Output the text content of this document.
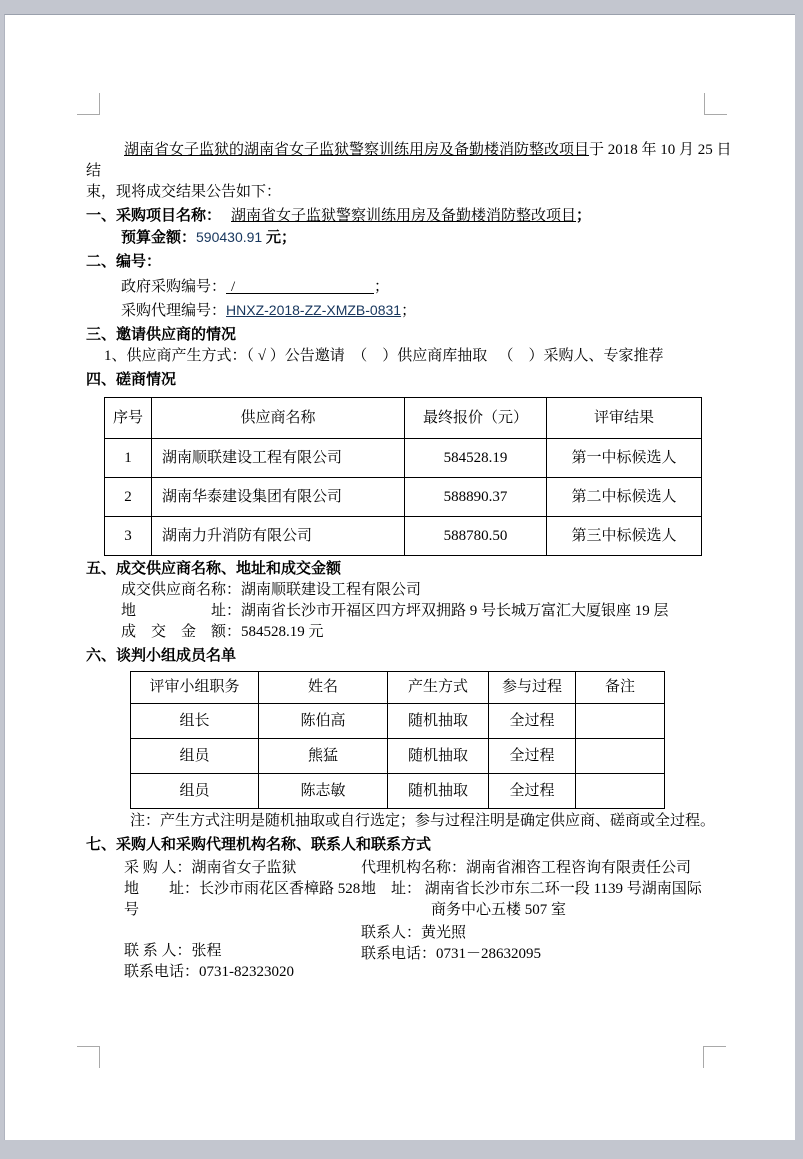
湖南省女子监狱的湖南省女子监狱警察训练用房及备勤楼消防整改项目于 2018 年 10 月 25 日结

束，现将成交结果公告如下：

一、采购项目名称： 湖南省女子监狱警察训练用房及备勤楼消防整改项目；
预算金额：590430.91 元；
二、编号：
政府采购编号： /	；
采购代理编号：HNXZ-2018-ZZ-XMZB-0831；
三、邀请供应商的情况
1、供应商产生方式：（ √ ）公告邀请　（　）供应商库抽取 　（　）采购人、专家推荐
四、磋商情况
序号	供应商名称	最终报价（元）	评审结果
1	湖南顺联建设工程有限公司	584528.19	第一中标候选人
2	湖南华泰建设集团有限公司	588890.37	第二中标候选人
3	湖南力升消防有限公司	588780.50	第三中标候选人
五、成交供应商名称、地址和成交金额
成交供应商名称：湖南顺联建设工程有限公司
地　　　　　址：湖南省长沙市开福区四方坪双拥路 9 号长城万富汇大厦银座 19 层
成　交　金　额：584528.19 元
六、谈判小组成员名单
评审小组职务	姓名	产生方式	参与过程	备注
组长	陈伯高	随机抽取	全过程	
组员	熊猛	随机抽取	全过程	
组员	陈志敏	随机抽取	全过程	
注：产生方式注明是随机抽取或自行选定；参与过程注明是确定供应商、磋商或全过程。
七、采购人和采购代理机构名称、联系人和联系方式
采 购 人：湖南省女子监狱
地　　址：长沙市雨花区香樟路 528 号
联 系 人：张程
联系电话：0731-82323020
代理机构名称：湖南省湘咨工程咨询有限责任公司
地　址： 湖南省长沙市东二环一段 1139 号湖南国际商务中心五楼 507 室
联系人：黄光照
联系电话：0731－28632095
